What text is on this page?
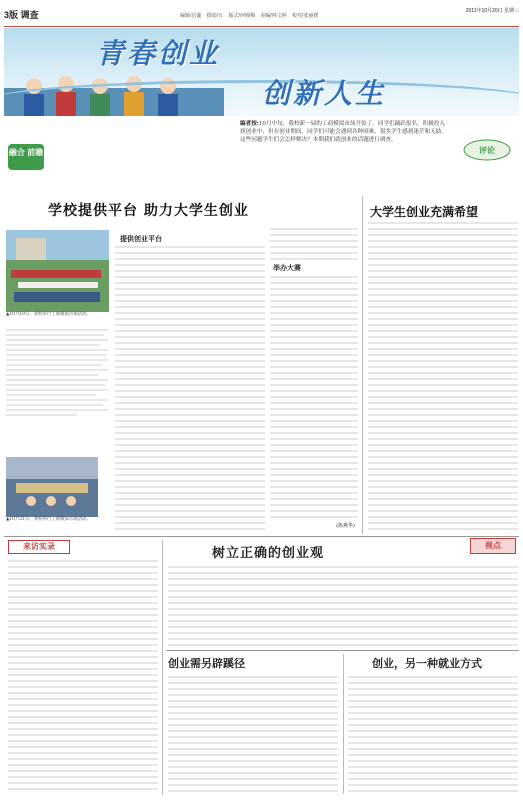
3版 调查	编辑/肖鑫 摄影/万 版式/何锦梅 美编/林文婷 校对/张丽媛
2011年10月20日 星期三
青春创业
创新人生
编者按:10月中旬，我校新一届的工商模拟市场开始了。同学们踊跃报名，积极投入到创业中，但在创业期间，同学们可能会遇到各种困难，很多学生感到迷茫和无助。这些问题学生们会怎样解决？本期我们就创业的话题进行调查。
融合 前瞻	评论
学校提供平台 助力大学生创业	大学生创业充满希望
▲10月19日，我校举行工商模拟市场活动。
▲10月21日，我校举行工商模拟市场活动。
提供创业平台
举办大赛
(陈燕华)
来访实录	视点
树立正确的创业观
创业需另辟蹊径	创业，另一种就业方式
